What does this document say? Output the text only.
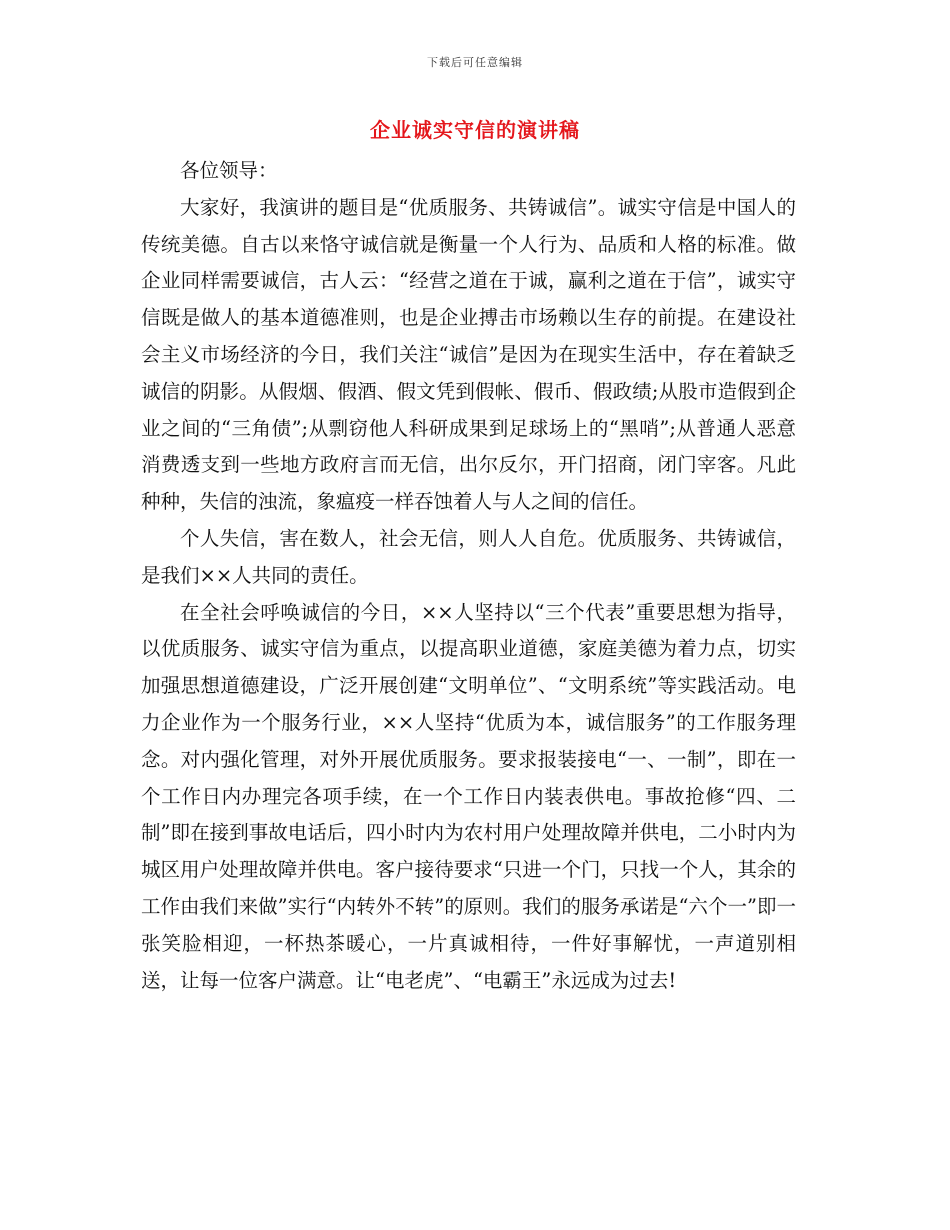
下载后可任意编辑
企业诚实守信的演讲稿

各位领导：

大家好，我演讲的题目是“优质服务、共铸诚信”。诚实守信是中国人的传统美德。自古以来恪守诚信就是衡量一个人行为、品质和人格的标准。做企业同样需要诚信，古人云：“经营之道在于诚，赢利之道在于信”，诚实守信既是做人的基本道德准则，也是企业搏击市场赖以生存的前提。在建设社会主义市场经济的今日，我们关注“诚信”是因为在现实生活中，存在着缺乏诚信的阴影。从假烟、假酒、假文凭到假帐、假币、假政绩;从股市造假到企业之间的“三角债”;从剽窃他人科研成果到足球场上的“黑哨”;从普通人恶意消费透支到一些地方政府言而无信，出尔反尔，开门招商，闭门宰客。凡此种种，失信的浊流，象瘟疫一样吞蚀着人与人之间的信任。

个人失信，害在数人，社会无信，则人人自危。优质服务、共铸诚信，是我们××人共同的责任。

在全社会呼唤诚信的今日，××人坚持以“三个代表”重要思想为指导，以优质服务、诚实守信为重点，以提高职业道德，家庭美德为着力点，切实加强思想道德建设，广泛开展创建“文明单位”、“文明系统”等实践活动。电力企业作为一个服务行业，××人坚持“优质为本，诚信服务”的工作服务理念。对内强化管理，对外开展优质服务。要求报装接电“一、一制”，即在一个工作日内办理完各项手续，在一个工作日内装表供电。事故抢修“四、二制”即在接到事故电话后，四小时内为农村用户处理故障并供电，二小时内为城区用户处理故障并供电。客户接待要求“只进一个门，只找一个人，其余的工作由我们来做”实行“内转外不转”的原则。我们的服务承诺是“六个一”即一张笑脸相迎，一杯热茶暖心，一片真诚相待，一件好事解忧，一声道别相送，让每一位客户满意。让“电老虎”、“电霸王”永远成为过去!
